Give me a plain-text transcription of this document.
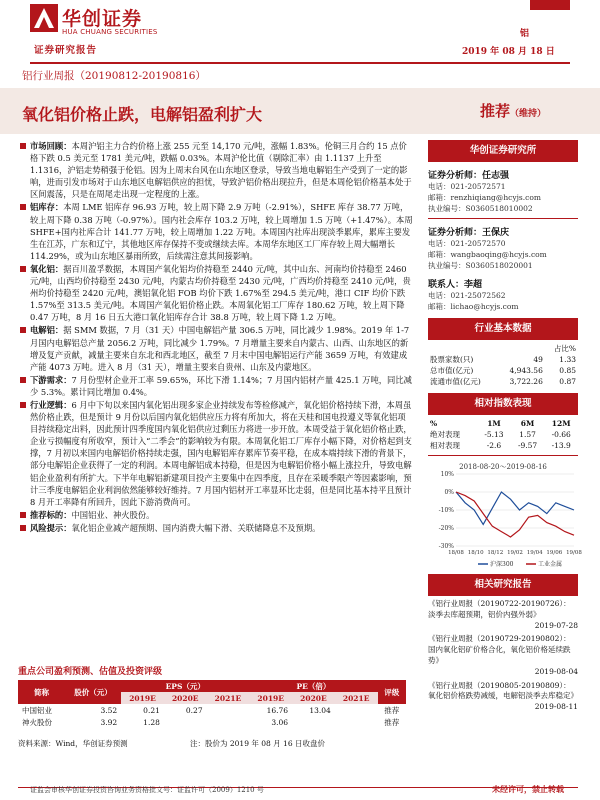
华创证券
HUA CHUANG SECURITIES
证券研究报告
铝
2019 年 08 月 18 日
铝行业周报（20190812-20190816）
氧化铝价格止跌，电解铝盈利扩大	推荐（维持）
市场回顾：本周沪铝主力合约价格上涨 255 元至 14,170 元/吨，涨幅 1.83%。伦铜三月合约 15 点价格下跌 0.5 美元至 1781 美元/吨，跌幅 0.03%。本周沪伦比值（剔除汇率）由 1.1137 上升至 1.1316，沪铝走势稍强于伦铝。因为上周末台风在山东地区登录，导致当地电解铝生产受到了一定的影响，进而引发市场对于山东地区电解铝供应的担忧，导致沪铝价格出现拉升，但是本周伦铝价格基本处于区间震荡，只是在周尾走出现一定程度的上涨。
铝库存：本周 LME 铝库存 96.93 万吨，较上周下降 2.9 万吨（-2.91%），SHFE 库存 38.77 万吨，较上周下降 0.38 万吨（-0.97%）。国内社会库存 103.2 万吨，较上周增加 1.5 万吨（+1.47%）。本周 SHFE+国内社库合计 141.77 万吨，较上周增加 1.22 万吨。本周国内社库出现淡季累库，累库主要发生在江苏，广东和辽宁，其他地区库存保持不变或继续去库。本周华东地区工厂库存较上周大幅增长 114.29%，或为山东地区暴雨所致，后续需注意其间接影响。
氧化铝：据百川盈孚数据，本周国产氧化铝均价持稳至 2440 元/吨，其中山东、河南均价持稳至 2460 元/吨，山西均价持稳至 2430 元/吨，内蒙古均价持稳至 2430 元/吨，广西均价持稳至 2410 元/吨，贵州均价持稳至 2420 元/吨，澳铝氧化铝 FOB 均价下跌 1.67%至 294.5 美元/吨，港口 CIF 均价下跌 1.57%至 313.5 美元/吨。本周国产氧化铝价格止跌。本周氧化铝工厂库存 180.62 万吨，较上周下降 0.47 万吨，8 月 16 日五大港口氧化铝库存合计 38.8 万吨，较上周下降 1.2 万吨。
电解铝：据 SMM 数据，7 月（31 天）中国电解铝产量 306.5 万吨，同比减少 1.98%。2019 年 1-7 月国内电解铝总产量 2056.2 万吨，同比减少 1.79%。7 月增量主要来自内蒙古、山西、山东地区的新增及复产贡献，减量主要来自东北和西北地区，截至 7 月末中国电解铝运行产能 3659 万吨，有效建成产能 4073 万吨。进入 8 月（31 天），增量主要来自贵州、山东及内蒙地区。
下游需求：7 月份型材企业开工率 59.65%，环比下滑 1.14%；7 月国内铝材产量 425.1 万吨，同比减少 5.3%。累计同比增加 0.4%。
行业逻辑：6 月中下旬以来国内氧化铝出现多家企业持续发布等检修减产，氧化铝价格持续下滑，本周虽然价格止跌，但是预计 9 月份以后国内氧化铝供应压力将有所加大，将在天桂和国电投遵义等氧化铝项目持续稳定出料，因此预计四季度国内氧化铝供应过剩压力将进一步开放。本周受益于氧化铝价格止跌，企业亏损幅度有所收窄，预计入“二季会”的影响较为有限。本周氧化铝工厂库存小幅下降，对价格起到支撑，7 月初以来国内电解铝价格持续走强，国内电解铝库存累库节奏平稳，在成本端持续下滑的背景下，部分电解铝企业获得了一定的利润。本周电解铝成本持稳，但是因为电解铝价格小幅上涨拉升，导致电解铝企业盈利有所扩大。下半年电解铝新建项目投产主要集中在四季度，且存在采暖季限产等因素影响，预计三季度电解铝企业利润依然能够较好维持。7 月国内铝材开工率显环比走弱，但是同比基本持平且预计 8 月开工率降有所回升，因此下游消费尚可。
推荐标的：中国铝业、神火股份。
风险提示：氧化铝企业减产超预期、国内消费大幅下滑、关联储降息不及预期。
华创证券研究所
证券分析师：任志强
电话：021-20572571
邮箱：renzhiqiang@hcyjs.com
执业编号：S0360518010002
证券分析师：王保庆
电话：021-20572570
邮箱：wangbaoqing@hcyjs.com
执业编号：S0360518020001
联系人：李超
电话：021-25072562
邮箱：lichao@hcyjs.com
行业基本数据
		占比%
股票家数(只)	49	1.33
总市值(亿元)	4,943.56	0.85
流通市值(亿元)	3,722.26	0.87
相对指数表现
%	1M	6M	12M
绝对表现	-5.13	1.57	-0.66
相对表现	-2.6	-9.57	-13.9
2018-08-20～2019-08-16
10%
0%
-10%
-20%
-30%
18/08 18/10 18/12 19/02 19/04 19/06 19/08
沪深300	工业金属
相关研究报告
《铝行业周报（20190722-20190726）：淡季去库超预期，铝价内强外弱》
2019-07-28
《铝行业周报（20190729-20190802）：国内氧化铝矿价格合化，氧化铝价格延续跌势》
2019-08-04
《铝行业周报（20190805-20190809）：氧化铝价格跌势减缓，电解铝淡季去库稳定》
2019-08-11
重点公司盈利预测、估值及投资评级
简称	股价（元）	EPS（元）			PE（倍）			评级
		2019E	2020E	2021E	2019E	2020E	2021E	
中国铝业	3.52	0.21	0.27		16.76	13.04		推荐
神火股份	3.92	1.28			3.06			推荐
资料来源：Wind，华创证券预测	注：股价为 2019 年 08 月 16 日收盘价
证监会审核华创证券投资咨询业务资格批文号：证监许可（2009）1210 号	未经许可，禁止转载
